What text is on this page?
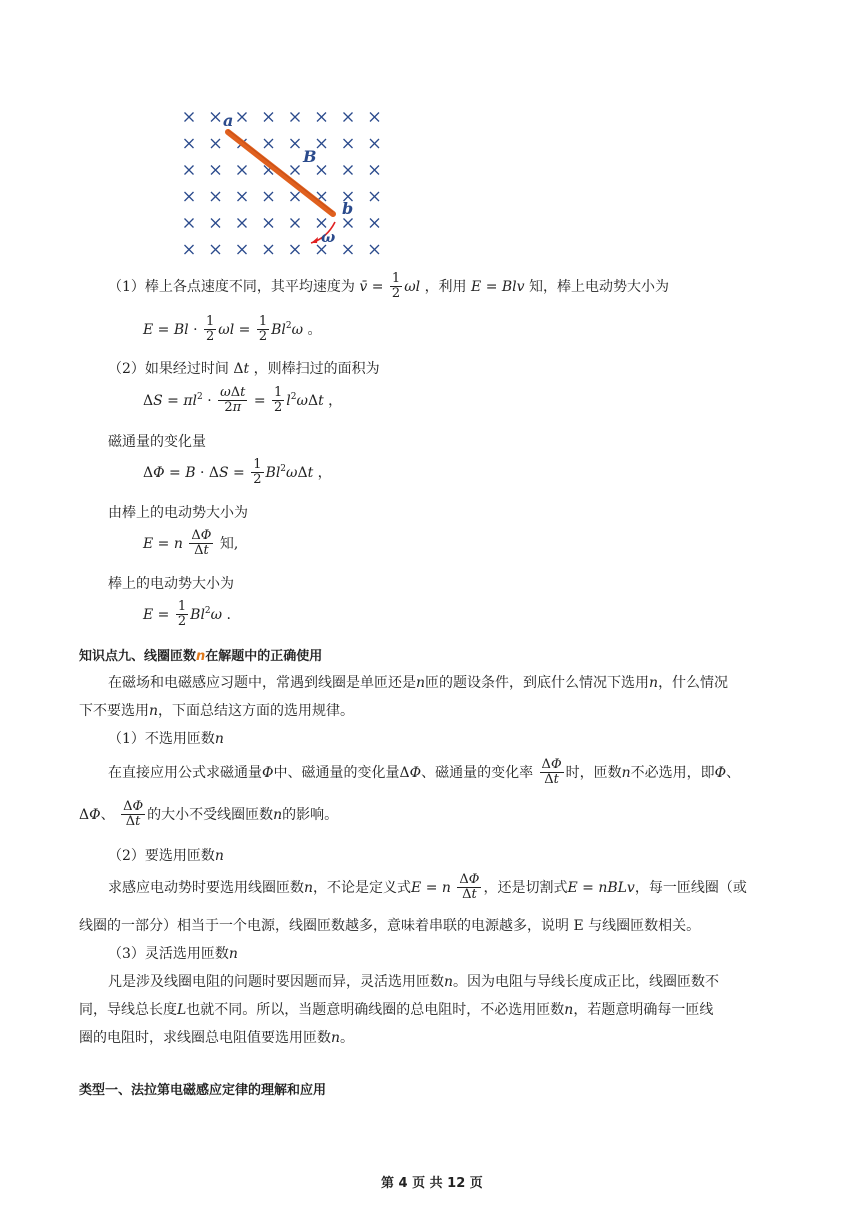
a
b
B
ω
（1）棒上各点速度不同，其平均速度为 v̄ = $\frac{1}{2}$ ωl ，利用 E = Blv 知，棒上电动势大小为
$E = Bl \cdot \frac{1}{2}$ $\omega l = \frac{1}{2} Bl^2\omega$ 。
（2）如果经过时间 Δt ，则棒扫过的面积为
$\Delta S = \pi l^2 \cdot \frac{\text{ωΔt}}{2\pi} = \frac{1}{2} l^2\omega\Delta t$ ，
磁通量的变化量
$\Delta\Phi = B \cdot \Delta S = \frac{1}{2} Bl^2\omega\Delta t$ ，
由棒上的电动势大小为
E = n $\frac{\Delta\Phi}{\Delta t}$ 知,
棒上的电动势大小为
$E = \frac{1}{2} Bl^2\omega$ .
知识点九、线圈匝数n在解题中的正确使用
在磁场和电磁感应习题中，常遇到线圈是单匝还是n匝的题设条件，到底什么情况下选用n，什么情况
下不要选用n，下面总结这方面的选用规律。
（1）不选用匝数n
在直接应用公式求磁通量Φ中、磁通量的变化量ΔΦ、磁通量的变化率 $\frac{\Delta\Phi}{\Delta t}$ 时，匝数n不必选用，即Φ、
ΔΦ、 $\frac{\Delta\Phi}{\Delta t}$ 的大小不受线圈匝数n的影响。
（2）要选用匝数n
求感应电动势时要选用线圈匝数n，不论是定义式E = n $\frac{\Delta\Phi}{\Delta t}$ ，还是切割式E = nBLv，每一匝线圈（或
线圈的一部分）相当于一个电源，线圈匝数越多，意味着串联的电源越多，说明 E 与线圈匝数相关。
（3）灵活选用匝数n
凡是涉及线圈电阻的问题时要因题而异，灵活选用匝数n。因为电阻与导线长度成正比，线圈匝数不
同，导线总长度L也就不同。所以，当题意明确线圈的总电阻时，不必选用匝数n，若题意明确每一匝线
圈的电阻时，求线圈总电阻值要选用匝数n。
类型一、法拉第电磁感应定律的理解和应用
第 4 页 共 12 页
